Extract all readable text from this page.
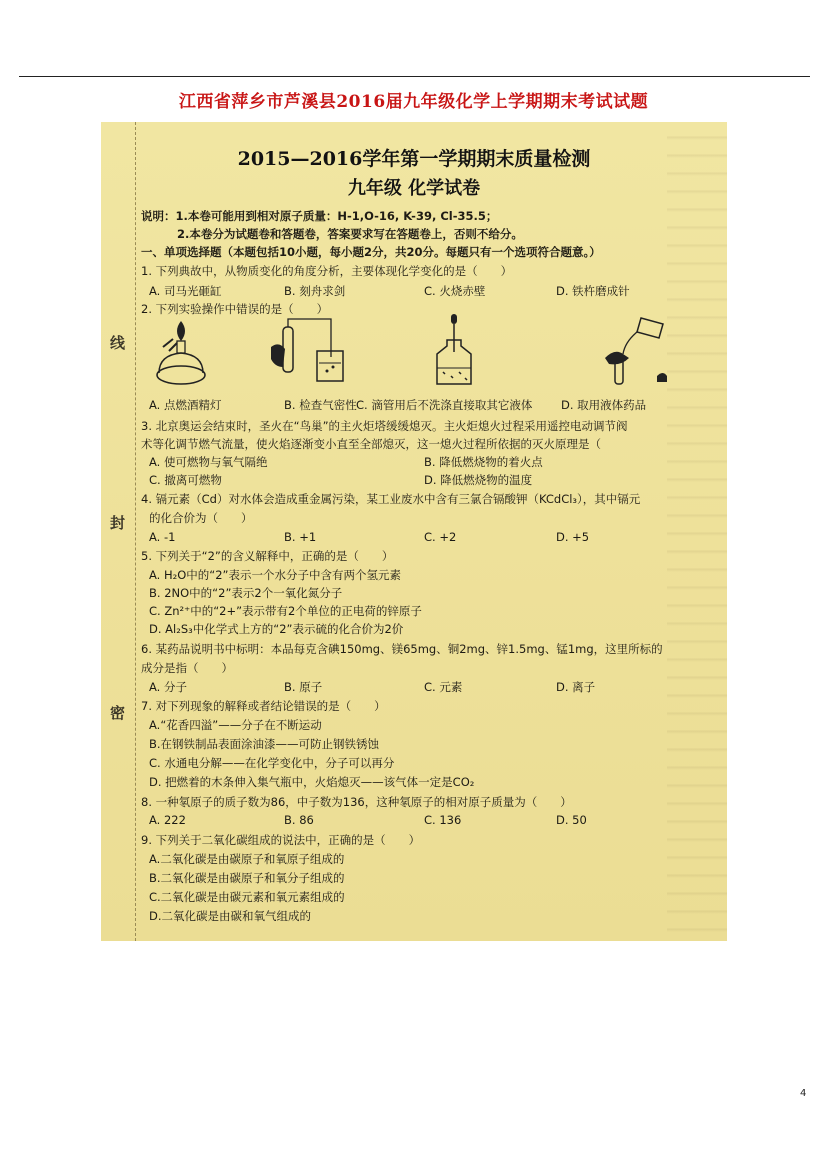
江西省萍乡市芦溪县2016届九年级化学上学期期末考试试题
线
封
密
2015—2016学年第一学期期末质量检测
九年级 化学试卷
说明：1.本卷可能用到相对原子质量：H-1,O-16, K-39, Cl-35.5；
2.本卷分为试题卷和答题卷，答案要求写在答题卷上，否则不给分。
一、单项选择题（本题包括10小题，每小题2分，共20分。每题只有一个选项符合题意。）
1. 下列典故中，从物质变化的角度分析，主要体现化学变化的是（　　）
A. 司马光砸缸	B. 刻舟求剑	C. 火烧赤壁	D. 铁杵磨成针
2. 下列实验操作中错误的是（　　）
A. 点燃酒精灯	B. 检查气密性 C. 滴管用后不洗涤直接取其它液体 D. 取用液体药品
3. 北京奥运会结束时，圣火在“鸟巢”的主火炬塔缓缓熄灭。主火炬熄火过程采用遥控电动调节阀
术等化调节燃气流量，使火焰逐渐变小直至全部熄灭，这一熄火过程所依据的灭火原理是（
A. 使可燃物与氧气隔绝	B. 降低燃烧物的着火点
C. 撤离可燃物	D. 降低燃烧物的温度
4. 镉元素（Cd）对水体会造成重金属污染，某工业废水中含有三氯合镉酸钾（KCdCl₃），其中镉元
的化合价为（　　）
A. -1	B. +1	C. +2	D. +5
5. 下列关于“2”的含义解释中，正确的是（　　）
A. H₂O中的“2”表示一个水分子中含有两个氢元素
B. 2NO中的“2”表示2个一氧化氮分子
C. Zn²⁺中的“2+”表示带有2个单位的正电荷的锌原子
D. Al₂S₃中化学式上方的“2”表示硫的化合价为2价
6. 某药品说明书中标明：本品每克含碘150mg、镁65mg、铜2mg、锌1.5mg、锰1mg，这里所标的
成分是指（　　）
A. 分子	B. 原子	C. 元素	D. 离子
7. 对下列现象的解释或者结论错误的是（　　）
A.“花香四溢”——分子在不断运动
B.在钢铁制品表面涂油漆——可防止钢铁锈蚀
C. 水通电分解——在化学变化中，分子可以再分
D. 把燃着的木条伸入集气瓶中，火焰熄灭——该气体一定是CO₂
8. 一种氡原子的质子数为86，中子数为136，这种氡原子的相对原子质量为（　　）
A. 222	B. 86	C. 136	D. 50
9. 下列关于二氧化碳组成的说法中，正确的是（　　）
A.二氧化碳是由碳原子和氧原子组成的
B.二氧化碳是由碳原子和氧分子组成的
C.二氧化碳是由碳元素和氧元素组成的
D.二氧化碳是由碳和氧气组成的
4
